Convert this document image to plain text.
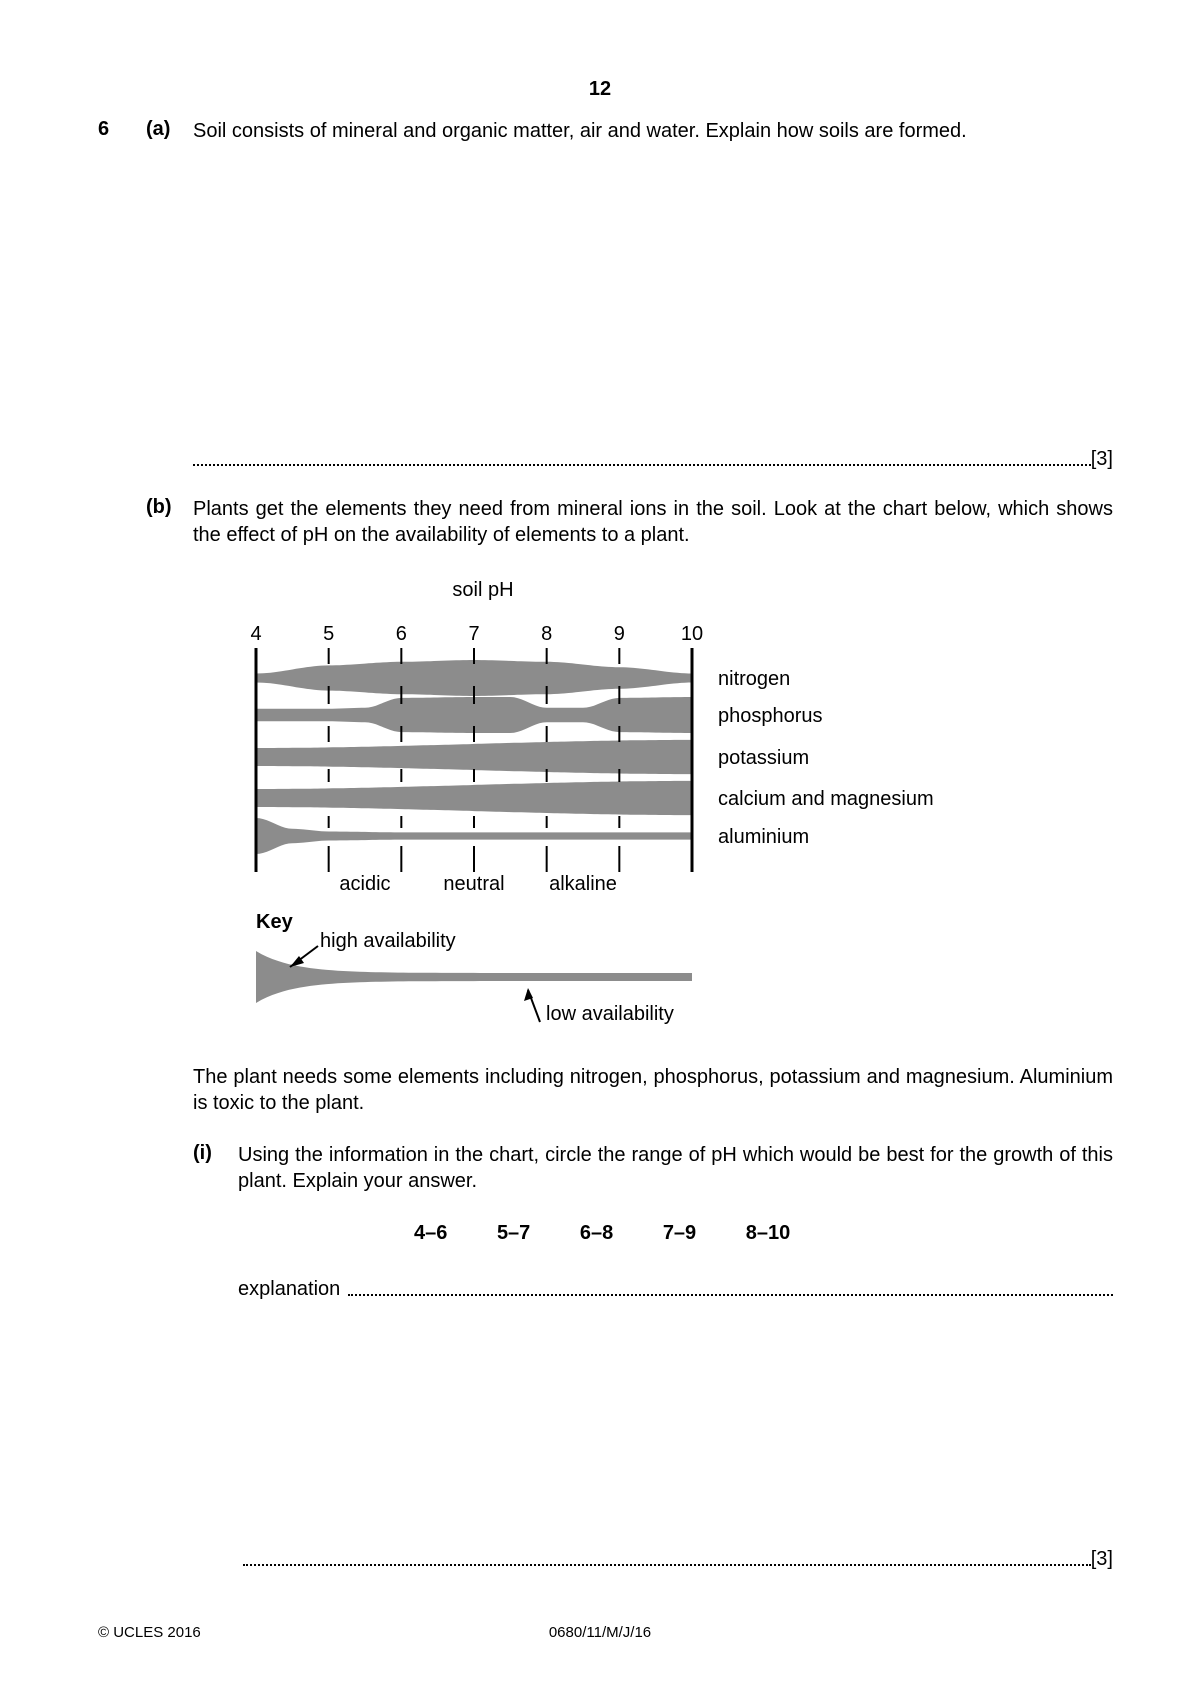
12
6 (a) Soil consists of mineral and organic matter, air and water. Explain how soils are formed.
[3]
(b) Plants get the elements they need from mineral ions in the soil. Look at the chart below, which shows the effect of pH on the availability of elements to a plant.
soil pH
4	5	6	7	8	9	10
nitrogen
phosphorus
potassium
calcium and magnesium
aluminium
acidic	neutral alkaline
Key
high availability
low availability
The plant needs some elements including nitrogen, phosphorus, potassium and magnesium. Aluminium is toxic to the plant.
(i) Using the information in the chart, circle the range of pH which would be best for the growth of this plant. Explain your answer.
4–6 5–7 6–8 7–9 8–10
explanation
[3]
© UCLES 2016	0680/11/M/J/16
